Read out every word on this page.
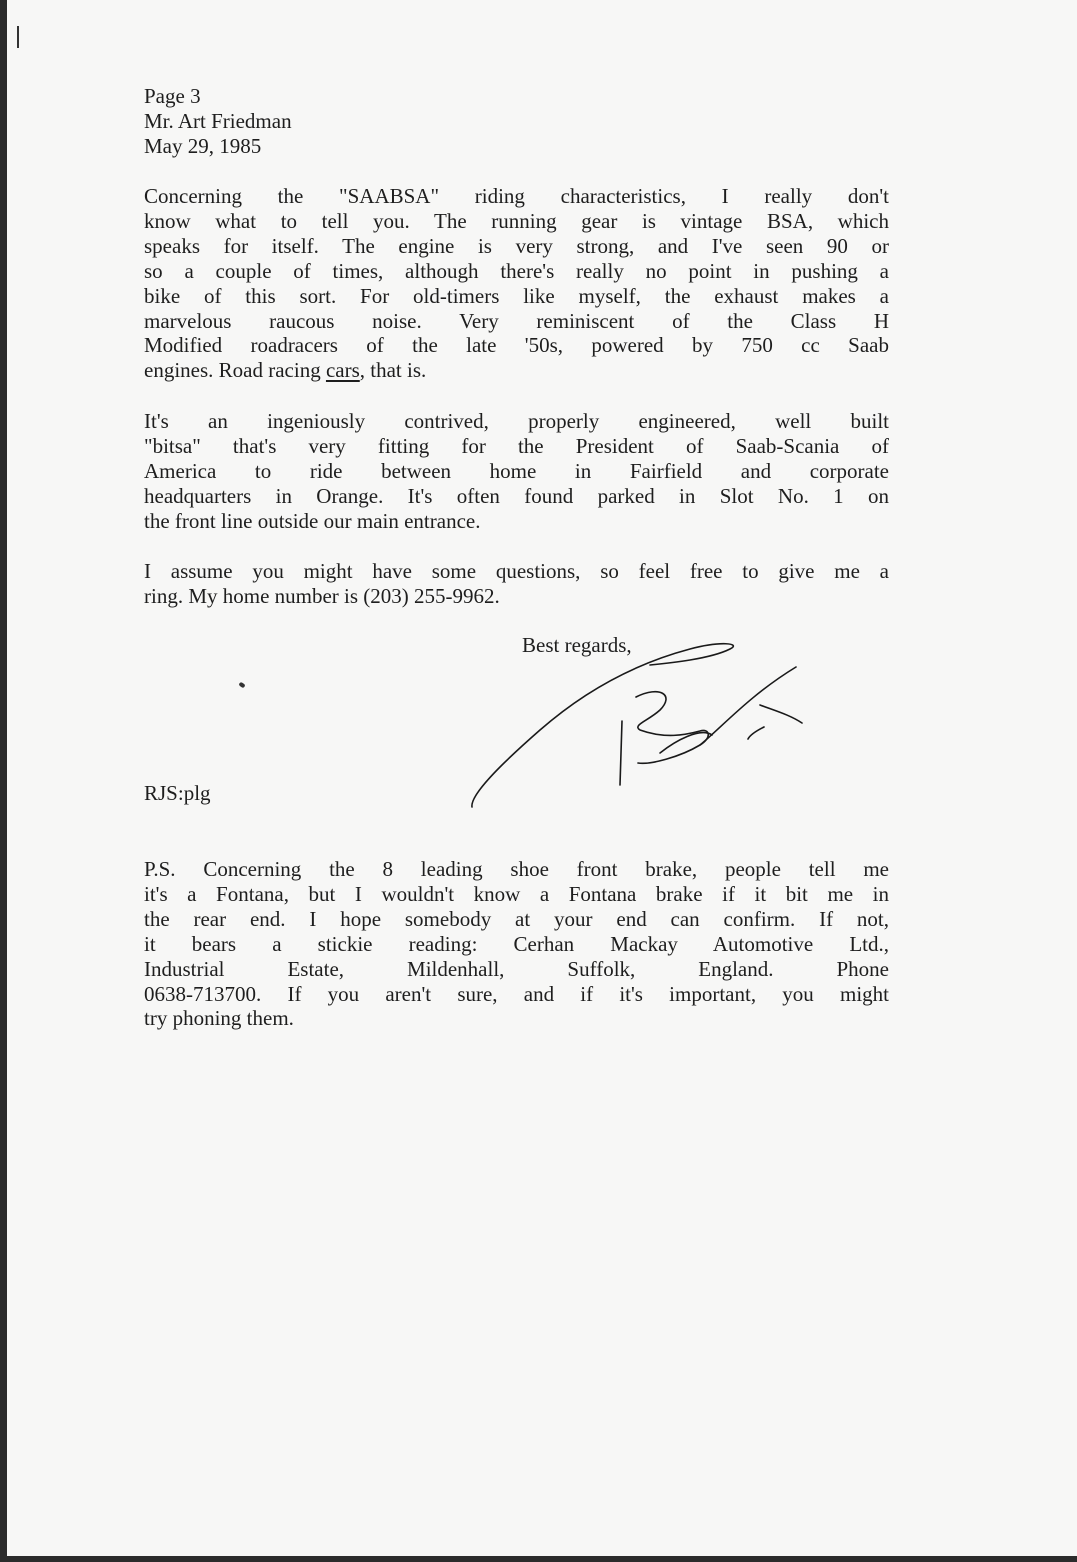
Page 3
Mr. Art Friedman
May 29, 1985
Concerning the "SAABSA" riding characteristics, I really don't
know what to tell you. The running gear is vintage BSA, which
speaks for itself. The engine is very strong, and I've seen 90 or
so a couple of times, although there's really no point in pushing a
bike of this sort. For old-timers like myself, the exhaust makes a
marvelous raucous noise. Very reminiscent of the Class H
Modified roadracers of the late '50s, powered by 750 cc Saab
engines. Road racing cars, that is.
It's an ingeniously contrived, properly engineered, well built
"bitsa" that's very fitting for the President of Saab-Scania of
America to ride between home in Fairfield and corporate
headquarters in Orange. It's often found parked in Slot No. 1 on
the front line outside our main entrance.
I assume you might have some questions, so feel free to give me a
ring. My home number is (203) 255-9962.
Best regards,
RJS:plg
P.S. Concerning the 8 leading shoe front brake, people tell me
it's a Fontana, but I wouldn't know a Fontana brake if it bit me in
the rear end. I hope somebody at your end can confirm. If not,
it bears a stickie reading: Cerhan Mackay Automotive Ltd.,
Industrial Estate, Mildenhall, Suffolk, England. Phone
0638-713700. If you aren't sure, and if it's important, you might
try phoning them.
